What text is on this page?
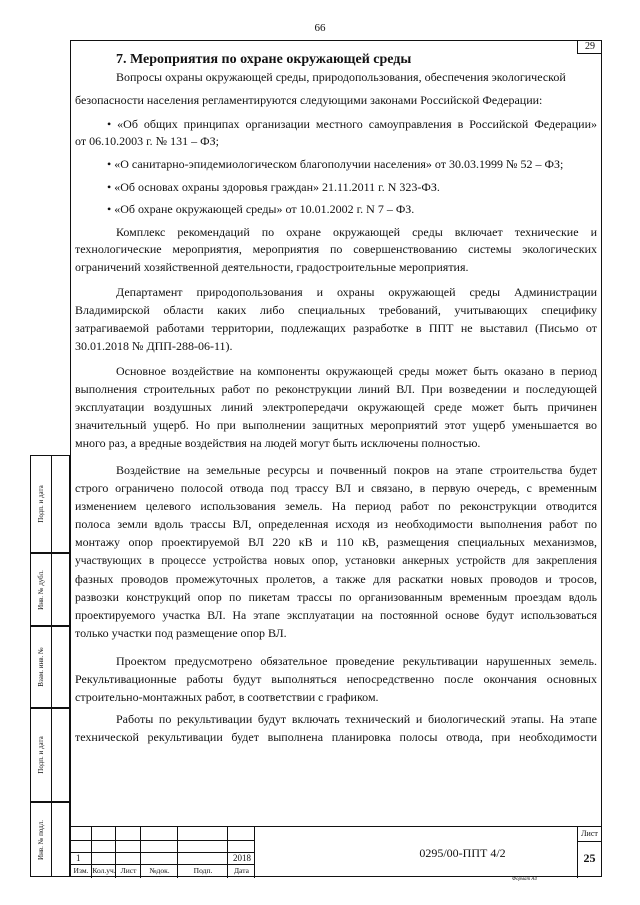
66
29
7. Мероприятия по охране окружающей среды
Вопросы охраны окружающей среды, природопользования, обеспечения экологической
безопасности населения регламентируются следующими законами Российской Федерации:
• «Об общих принципах организации местного самоуправления в Российской Федерации»
от 06.10.2003 г. № 131 – ФЗ;
• «О санитарно-эпидемиологическом благополучии населения» от 30.03.1999 № 52 – ФЗ;
• «Об основах охраны здоровья граждан» 21.11.2011 г. N 323-ФЗ.
• «Об охране окружающей среды» от 10.01.2002 г. N 7 – ФЗ.
Комплекс рекомендаций по охране окружающей среды включает технические и
технологические мероприятия, мероприятия по совершенствованию системы экологических
ограничений хозяйственной деятельности, градостроительные мероприятия.
Департамент природопользования и охраны окружающей среды Администрации
Владимирской области каких либо специальных требований, учитывающих специфику
затрагиваемой работами территории, подлежащих разработке в ППТ не выставил (Письмо от
30.01.2018 № ДПП-288-06-11).
Основное воздействие на компоненты окружающей среды может быть оказано в период
выполнения строительных работ по реконструкции линий ВЛ. При возведении и последующей
эксплуатации воздушных линий электропередачи окружающей среде может быть причинен
значительный ущерб. Но при выполнении защитных мероприятий этот ущерб уменьшается во
много раз, а вредные воздействия на людей могут быть исключены полностью.
Воздействие на земельные ресурсы и почвенный покров на этапе строительства будет
строго ограничено полосой отвода под трассу ВЛ и связано, в первую очередь, с временным
изменением целевого использования земель. На период работ по реконструкции отводится
полоса земли вдоль трассы ВЛ, определенная исходя из необходимости выполнения работ по
монтажу опор проектируемой ВЛ 220 кВ и 110 кВ, размещения специальных механизмов,
участвующих в процессе устройства новых опор, установки анкерных устройств для закрепления
фазных проводов промежуточных пролетов, а также для раскатки новых проводов и тросов,
развозки конструкций опор по пикетам трассы по организованным временным проездам вдоль
проектируемого участка ВЛ. На этапе эксплуатации на постоянной основе будут использоваться
только участки под размещение опор ВЛ.
Проектом предусмотрено обязательное проведение рекультивации нарушенных земель.
Рекультивационные работы будут выполняться непосредственно после окончания основных
строительно-монтажных работ, в соответствии с графиком.
Работы по рекультивации будут включать технический и биологический этапы. На этапе
технической рекультивации будет выполнена планировка полосы отвода, при необходимости
Подп. и дата
Инв. № дубл.
Взам. инв. №
Подп. и дата
Инв. № подл.	1	2018
Изм. Кол.уч. Лист	№док.	Подп.	Дата
0295/00-ППТ 4/2
Лист
25
Формат А4
